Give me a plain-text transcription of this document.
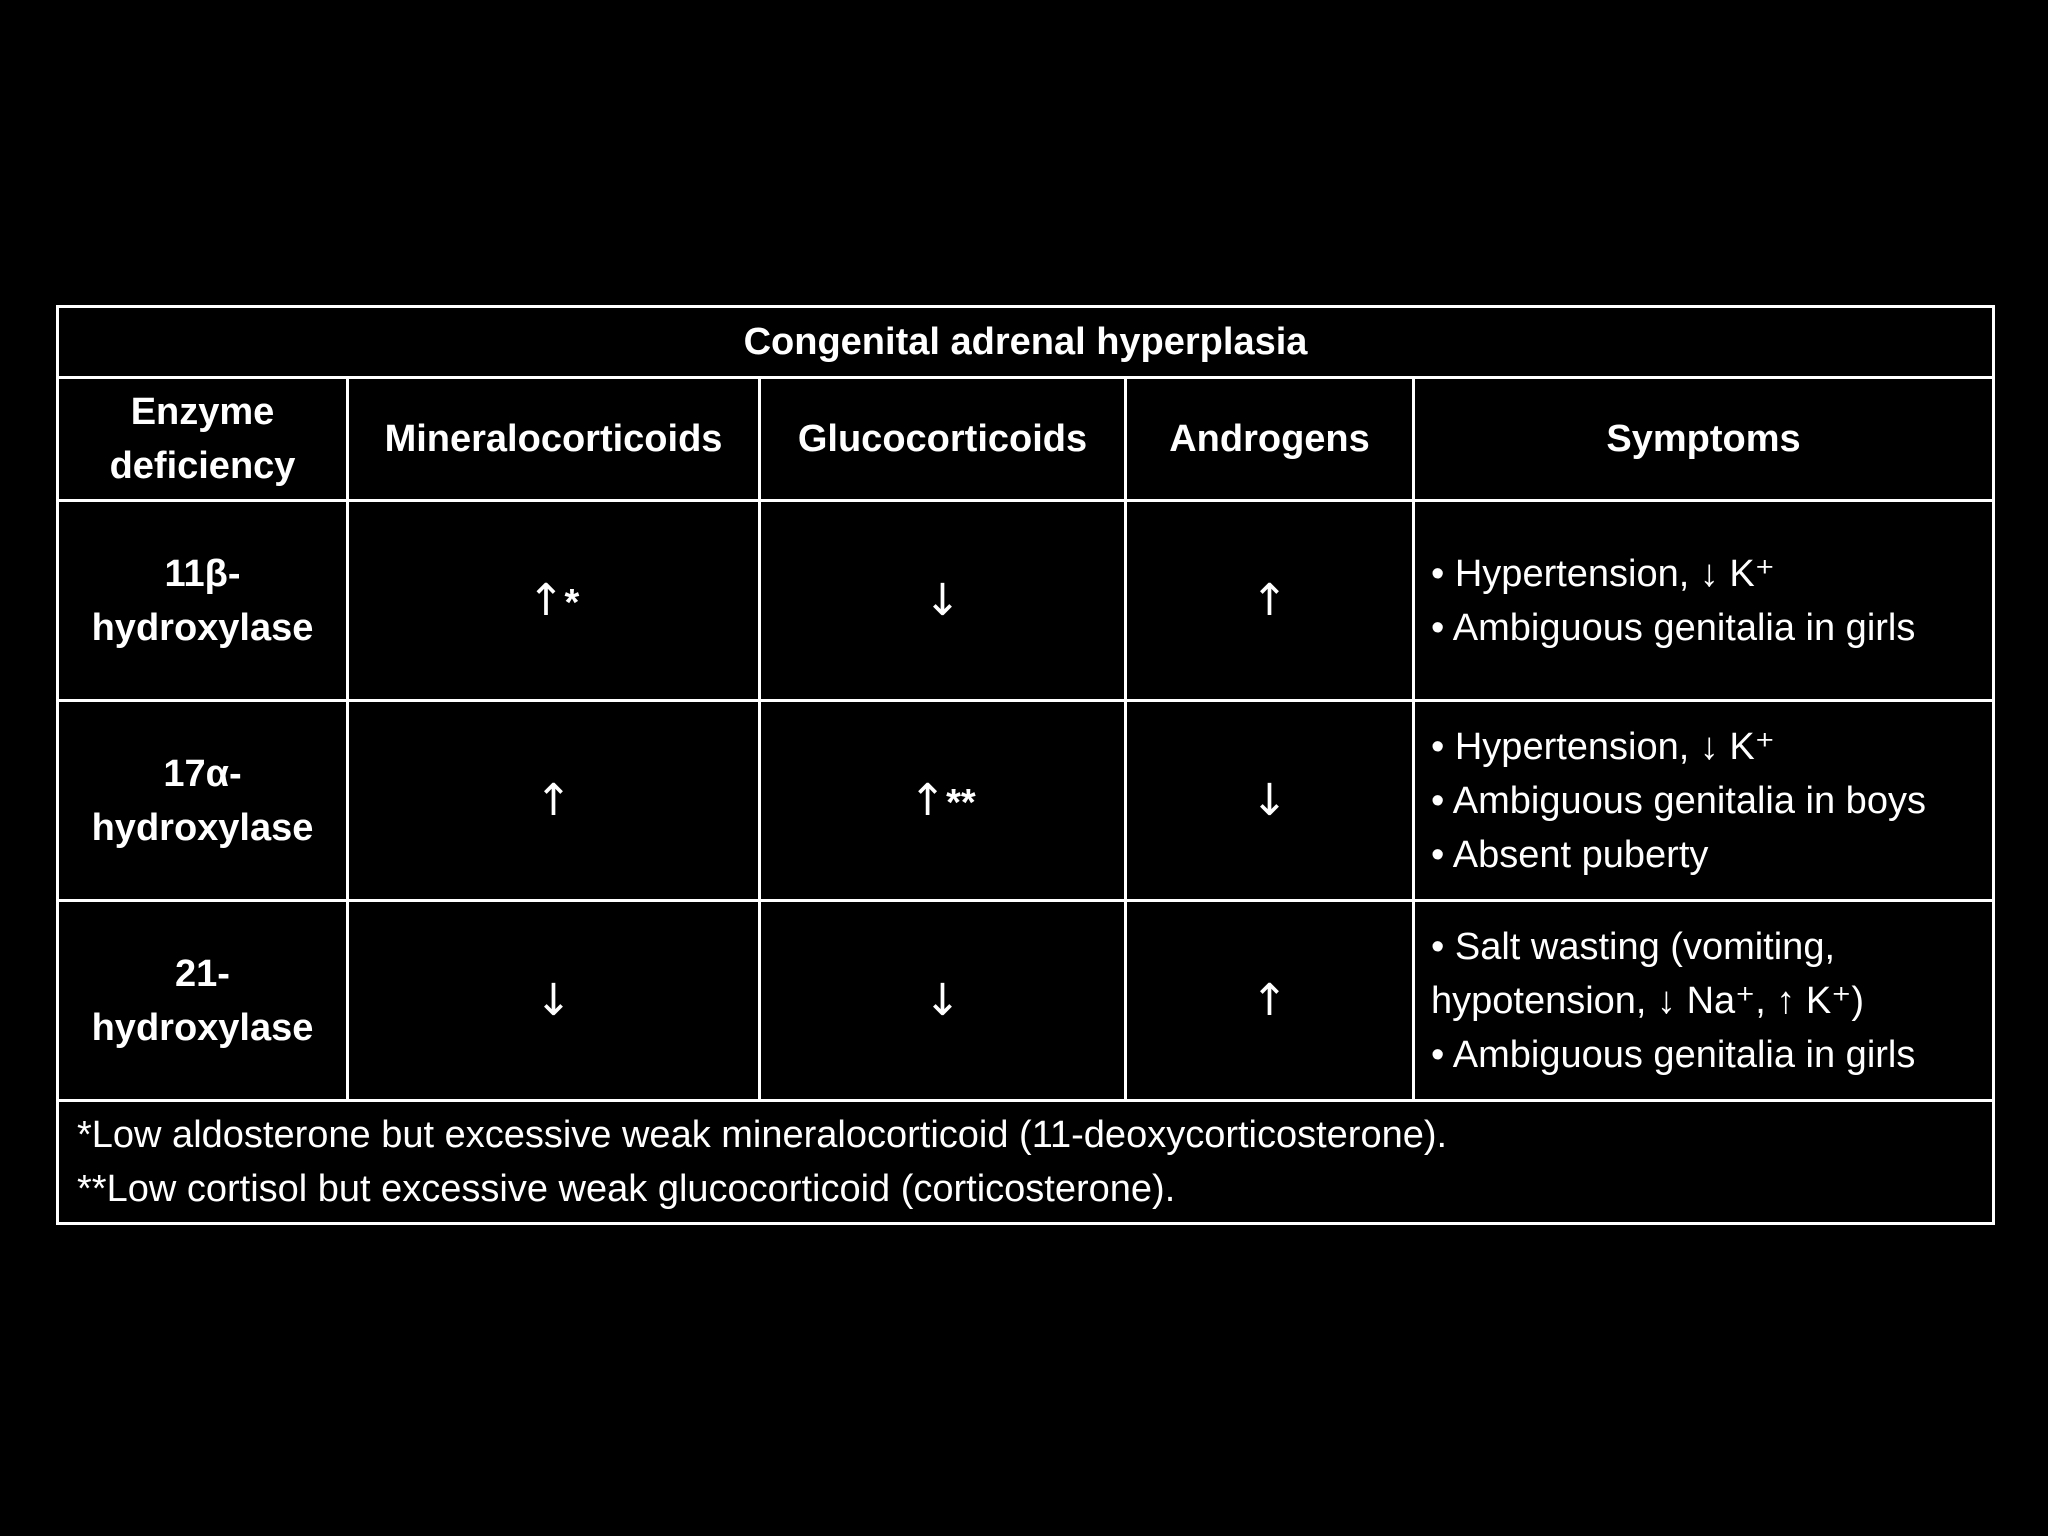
Congenital adrenal hyperplasia				
Enzyme
deficiency	Mineralocorticoids	Glucocorticoids	Androgens	Symptoms
11β-
hydroxylase	↑*	↓	↑	• Hypertension, ↓ K⁺
• Ambiguous genitalia in girls

17α-
hydroxylase	↑	↑**	↓	• Hypertension, ↓ K⁺
• Ambiguous genitalia in boys
• Absent puberty

21-
hydroxylase	↓	↓	↑	• Salt wasting (vomiting,
hypotension, ↓ Na⁺, ↑ K⁺)
• Ambiguous genitalia in girls

*Low aldosterone but excessive weak mineralocorticoid (11-deoxycorticosterone).
**Low cortisol but excessive weak glucocorticoid (corticosterone).				
